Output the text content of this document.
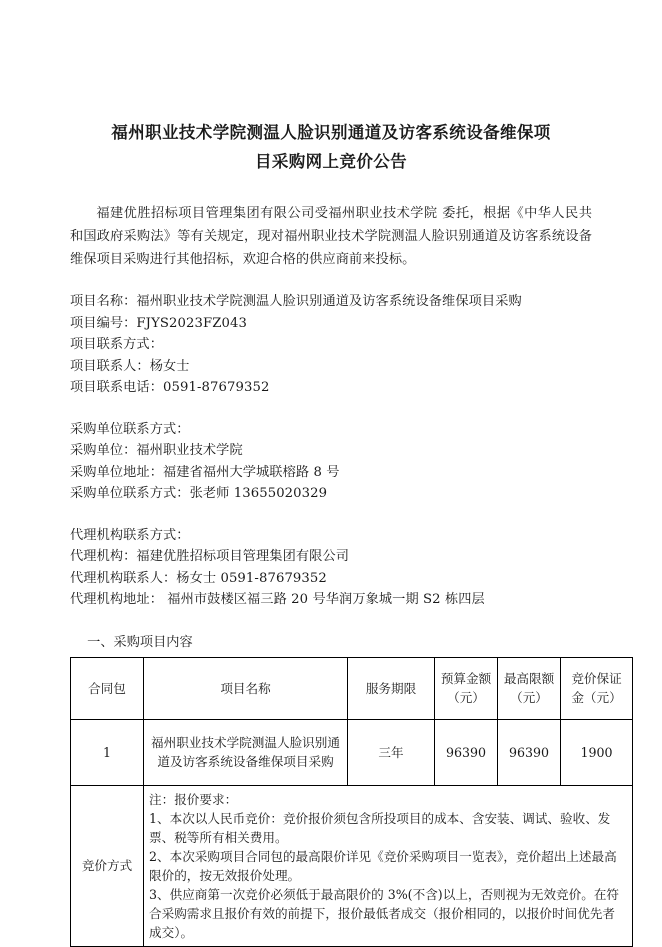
福州职业技术学院测温人脸识别通道及访客系统设备维保项
目采购网上竞价公告

福建优胜招标项目管理集团有限公司受福州职业技术学院 委托，根据《中华人民共和国政府采购法》等有关规定，现对福州职业技术学院测温人脸识别通道及访客系统设备维保项目采购进行其他招标，欢迎合格的供应商前来投标。

项目名称：福州职业技术学院测温人脸识别通道及访客系统设备维保项目采购
项目编号：FJYS2023FZ043
项目联系方式：
项目联系人：杨女士
项目联系电话：0591-87679352
采购单位联系方式：
采购单位：福州职业技术学院
采购单位地址：福建省福州大学城联榕路 8 号
采购单位联系方式：张老师 13655020329
代理机构联系方式：
代理机构：福建优胜招标项目管理集团有限公司
代理机构联系人：杨女士 0591-87679352
代理机构地址： 福州市鼓楼区福三路 20 号华润万象城一期 S2 栋四层
一、采购项目内容
合同包	项目名称	服务期限	预算金额（元）	最高限额（元）	竞价保证金（元）
1	福州职业技术学院测温人脸识别通道及访客系统设备维保项目采购	三年	96390	96390	1900
竞价方式	注：报价要求：
1、本次以人民币竞价：竞价报价须包含所投项目的成本、含安装、调试、验收、发票、税等所有相关费用。
2、本次采购项目合同包的最高限价详见《竞价采购项目一览表》，竞价超出上述最高限价的，按无效报价处理。
3、供应商第一次竞价必须低于最高限价的 3%(不含)以上，否则视为无效竞价。在符合采购需求且报价有效的前提下，报价最低者成交（报价相同的，以报价时间优先者成交）。				
